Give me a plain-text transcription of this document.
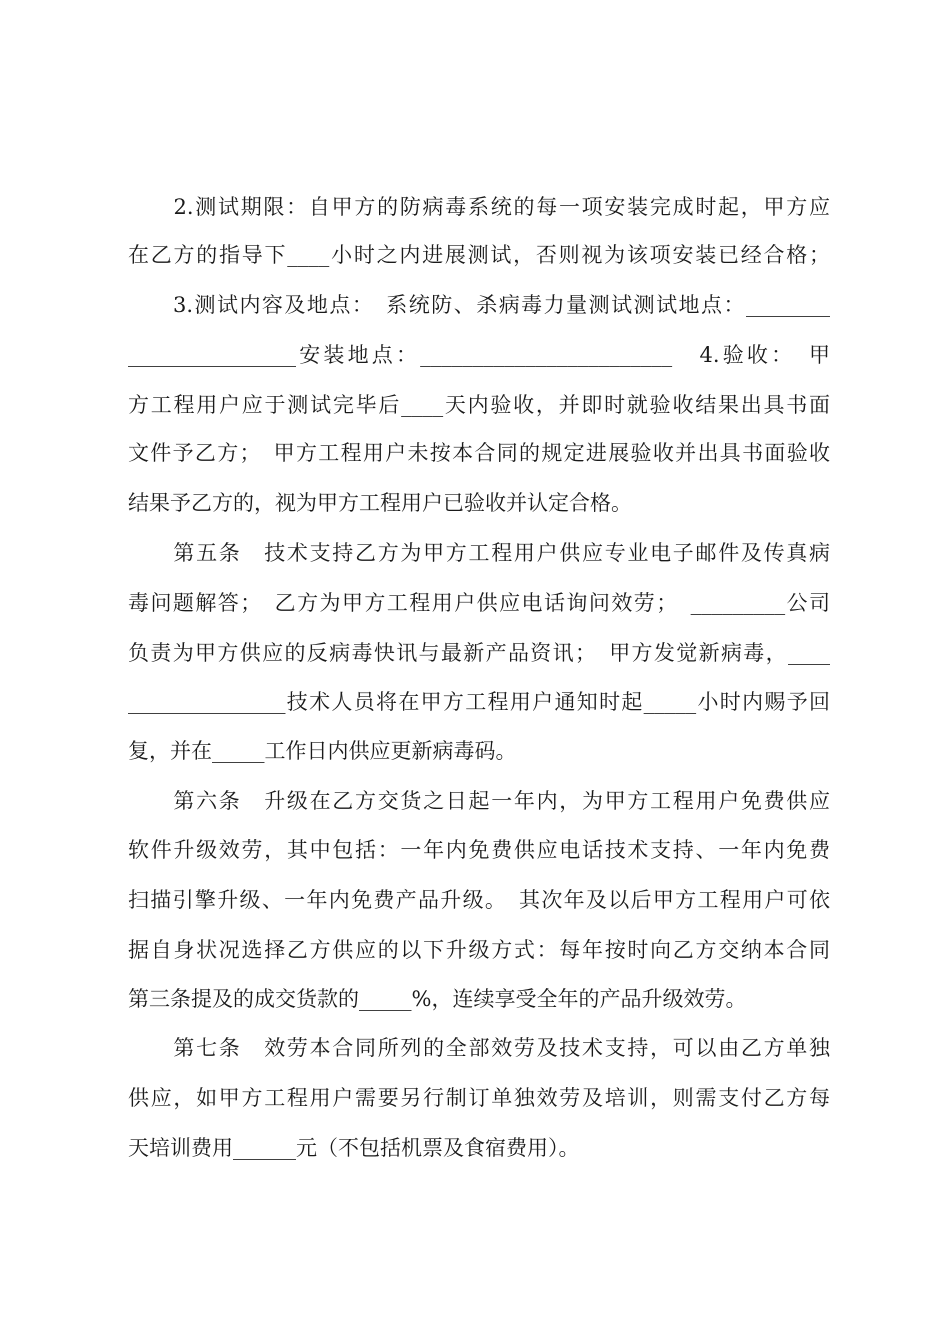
　　2.测试期限：自甲方的防病毒系统的每一项安装完成时起，甲方应
在乙方的指导下____小时之内进展测试，否则视为该项安装已经合格；
　　3.测试内容及地点：　系统防、杀病毒力量测试测试地点：________
________________安装地点：________________________　4.验收：　甲
方工程用户应于测试完毕后____天内验收，并即时就验收结果出具书面
文件予乙方；　甲方工程用户未按本合同的规定进展验收并出具书面验收
结果予乙方的，视为甲方工程用户已验收并认定合格。
　　第五条　技术支持乙方为甲方工程用户供应专业电子邮件及传真病
毒问题解答；　乙方为甲方工程用户供应电话询问效劳；　_________公司
负责为甲方供应的反病毒快讯与最新产品资讯；　甲方发觉新病毒，____
_______________技术人员将在甲方工程用户通知时起_____小时内赐予回
复，并在_____工作日内供应更新病毒码。
　　第六条　升级在乙方交货之日起一年内，为甲方工程用户免费供应
软件升级效劳，其中包括：一年内免费供应电话技术支持、一年内免费
扫描引擎升级、一年内免费产品升级。　其次年及以后甲方工程用户可依
据自身状况选择乙方供应的以下升级方式：每年按时向乙方交纳本合同
第三条提及的成交货款的_____%，连续享受全年的产品升级效劳。
　　第七条　效劳本合同所列的全部效劳及技术支持，可以由乙方单独
供应，如甲方工程用户需要另行制订单独效劳及培训，则需支付乙方每
天培训费用______元（不包括机票及食宿费用）。
